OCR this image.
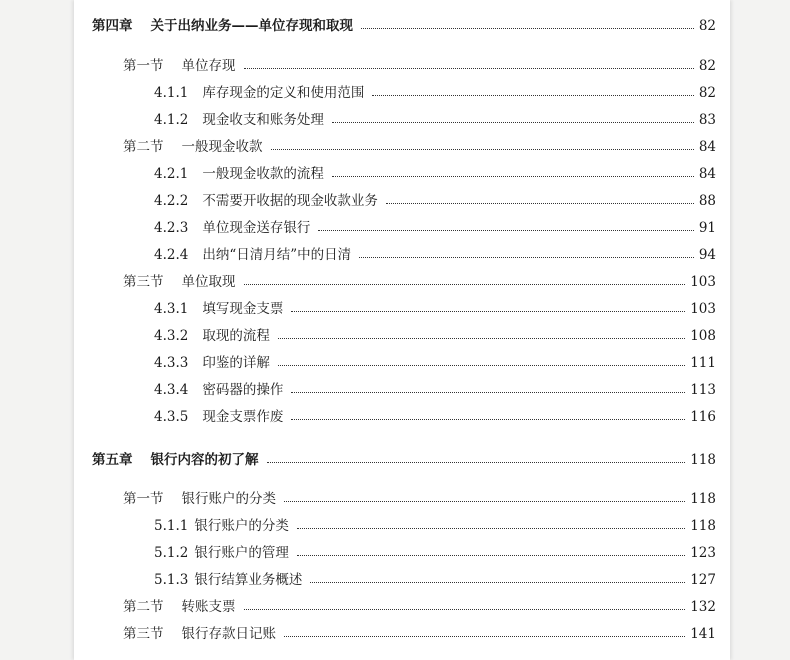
第四章 关于出纳业务——单位存现和取现	82
第一节 单位存现	82
4.1.1 库存现金的定义和使用范围	82
4.1.2 现金收支和账务处理	83
第二节 一般现金收款	84
4.2.1 一般现金收款的流程	84
4.2.2 不需要开收据的现金收款业务	88
4.2.3 单位现金送存银行	91
4.2.4 出纳“日清月结”中的日清	94
第三节 单位取现	103
4.3.1 填写现金支票	103
4.3.2 取现的流程	108
4.3.3 印鉴的详解	111
4.3.4 密码器的操作	113
4.3.5 现金支票作废	116
第五章 银行内容的初了解	118
第一节 银行账户的分类	118
5.1.1 银行账户的分类	118
5.1.2 银行账户的管理	123
5.1.3 银行结算业务概述	127
第二节 转账支票	132
第三节 银行存款日记账	141
